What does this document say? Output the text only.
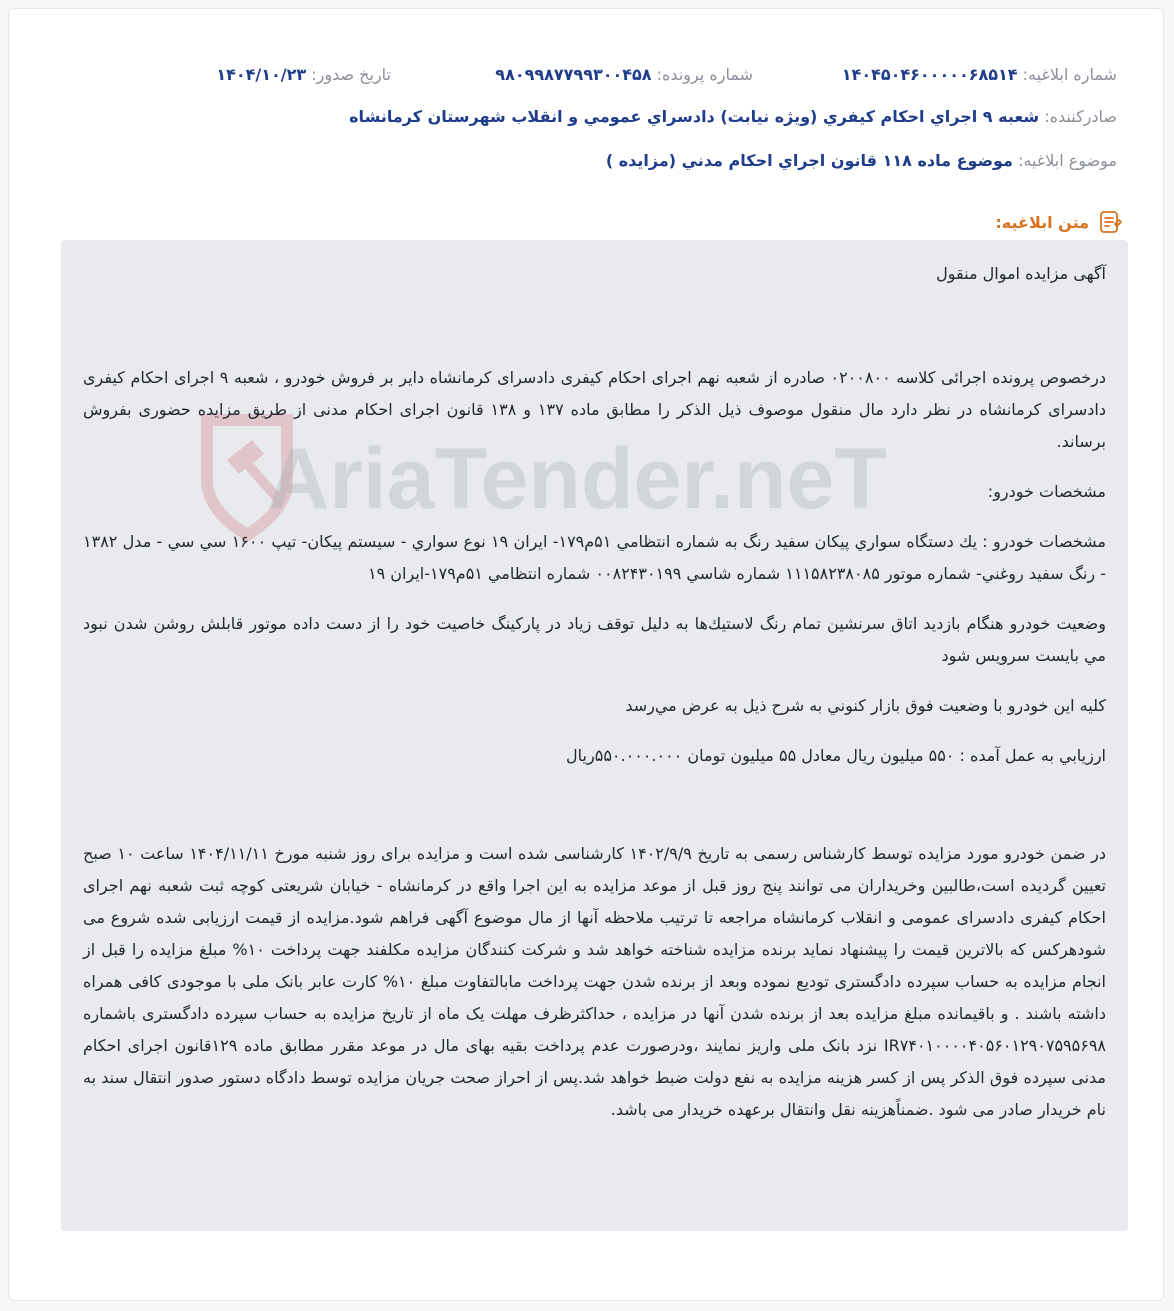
شماره ابلاغیه: ۱۴۰۴۵۰۴۶۰۰۰۰۰۶۸۵۱۴
شماره پرونده: ۹۸۰۹۹۸۷۷۹۹۳۰۰۴۵۸
تاریخ صدور: ۱۴۰۴/۱۰/۲۳
صادرکننده: شعبه ۹ اجراي احکام کيفري (ويژه نيابت) دادسراي عمومي و انقلاب شهرستان کرمانشاه
موضوع ابلاغیه: موضوع ماده ۱۱۸ قانون اجراي احکام مدني (مزايده )
متن ابلاغیه:
AriaTender.neT

آگهی مزایده اموال منقول

درخصوص پرونده اجرائی کلاسه ۰۲۰۰۸۰۰ صادره از شعبه نهم اجرای احکام کیفری دادسرای کرمانشاه دایر بر فروش خودرو ، شعبه ۹ اجرای احکام کیفری دادسرای کرمانشاه در نظر دارد مال منقول موصوف ذیل الذکر را مطابق ماده ۱۳۷ و ۱۳۸ قانون اجرای احکام مدنی از طریق مزایده حضوری بفروش برساند.

مشخصات خودرو:

مشخصات خودرو : يك دستگاه سواري پيكان سفيد رنگ به شماره انتظامي ۵۱م۱۷۹- ايران ۱۹ نوع سواري - سيستم پيكان- تيپ ۱۶۰۰ سي سي - مدل ۱۳۸۲ - رنگ سفيد روغني- شماره موتور ۱۱۱۵۸۲۳۸۰۸۵ شماره شاسي ۰۰۸۲۴۳۰۱۹۹ شماره انتظامي ۵۱م۱۷۹-ايران ۱۹

وضعيت خودرو هنگام بازديد اتاق سرنشين تمام رنگ لاستيك‌ها به دليل توقف زياد در پاركينگ خاصيت خود را از دست داده موتور قابلش روشن شدن نبود مي بايست سرويس شود

كليه اين خودرو با وضعيت فوق بازار كنوني به شرح ذيل به عرض مي‌رسد

ارزيابي به عمل آمده : ۵۵۰ ميليون ريال معادل ۵۵ ميليون تومان ۵۵۰.۰۰۰.۰۰۰ريال

در ضمن خودرو مورد مزایده توسط کارشناس رسمی به تاریخ ۱۴۰۲/۹/۹ کارشناسی شده است و مزایده برای روز شنبه مورخ ۱۴۰۴/۱۱/۱۱ ساعت ۱۰ صبح تعیین گردیده است،طالبین وخریداران می توانند پنج روز قبل از موعد مزایده به این اجرا واقع در کرمانشاه - خیابان شریعتی کوچه ثبت شعبه نهم اجرای احکام کیفری دادسرای عمومی و انقلاب کرمانشاه مراجعه تا ترتیب ملاحظه آنها از مال موضوع آگهی فراهم شود.مزایده از قیمت ارزیابی شده شروع می شودهرکس که بالاترین قیمت را پیشنهاد نماید برنده مزایده شناخته خواهد شد و شرکت کنندگان مزایده مکلفند جهت پرداخت ۱۰% مبلغ مزایده را قبل از انجام مزایده به حساب سپرده دادگستری تودیع نموده وبعد از برنده شدن جهت پرداخت مابالتفاوت مبلغ ۱۰% کارت عابر بانک ملی با موجودی کافی همراه داشته باشند . و باقیمانده مبلغ مزایده بعد از برنده شدن آنها در مزایده ، حداکثرظرف مهلت یک ماه از تاریخ مزایده به حساب سپرده دادگستری باشماره IR۷۴۰۱۰۰۰۰۴۰۵۶۰۱۲۹۰۷۵۹۵۶۹۸ نزد بانک ملی واریز نمایند ،ودرصورت عدم پرداخت بقیه بهای مال در موعد مقرر مطابق ماده ۱۲۹قانون اجرای احکام مدنی سپرده فوق الذکر پس از کسر هزینه مزایده به نفع دولت ضبط خواهد شد.پس از احراز صحت جریان مزایده توسط دادگاه دستور صدور انتقال سند به نام خریدار صادر می شود .ضمناًهزینه نقل وانتقال برعهده خریدار می باشد.
